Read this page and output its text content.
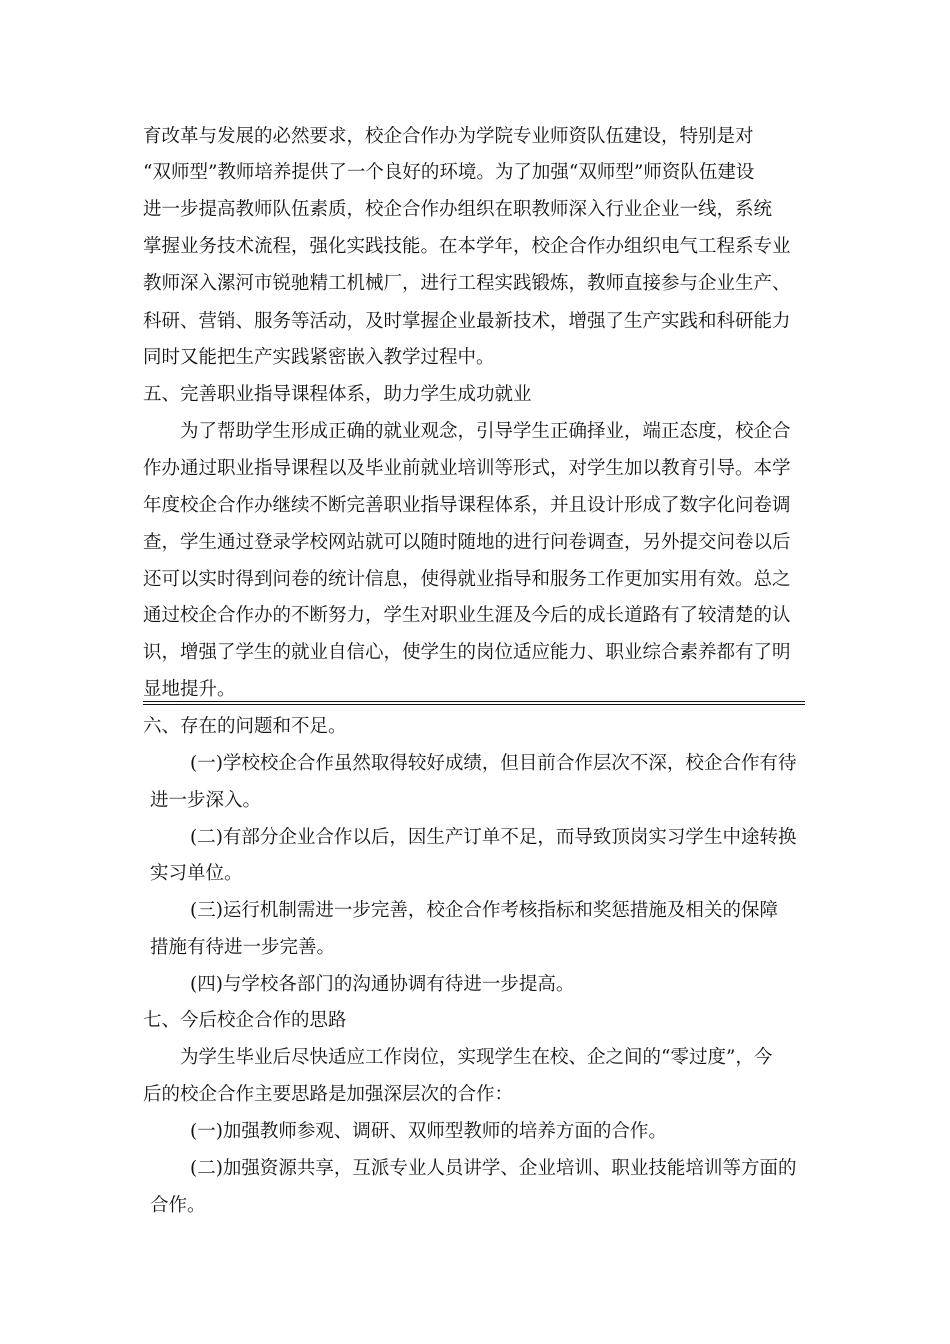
育改革与发展的必然要求，校企合作办为学院专业师资队伍建设，特别是对
“双师型”教师培养提供了一个良好的环境。为了加强“双师型”师资队伍建设
进一步提高教师队伍素质，校企合作办组织在职教师深入行业企业一线，系统
掌握业务技术流程，强化实践技能。在本学年，校企合作办组织电气工程系专业
教师深入漯河市锐驰精工机械厂，进行工程实践锻炼，教师直接参与企业生产、
科研、营销、服务等活动，及时掌握企业最新技术，增强了生产实践和科研能力
同时又能把生产实践紧密嵌入教学过程中。
五、完善职业指导课程体系，助力学生成功就业
为了帮助学生形成正确的就业观念，引导学生正确择业，端正态度，校企合
作办通过职业指导课程以及毕业前就业培训等形式，对学生加以教育引导。本学
年度校企合作办继续不断完善职业指导课程体系，并且设计形成了数字化问卷调
查，学生通过登录学校网站就可以随时随地的进行问卷调查，另外提交问卷以后
还可以实时得到问卷的统计信息，使得就业指导和服务工作更加实用有效。总之
通过校企合作办的不断努力，学生对职业生涯及今后的成长道路有了较清楚的认
识，增强了学生的就业自信心，使学生的岗位适应能力、职业综合素养都有了明
显地提升。
六、存在的问题和不足。
(一)学校校企合作虽然取得较好成绩，但目前合作层次不深，校企合作有待
进一步深入。
(二)有部分企业合作以后，因生产订单不足，而导致顶岗实习学生中途转换
实习单位。
(三)运行机制需进一步完善，校企合作考核指标和奖惩措施及相关的保障
措施有待进一步完善。
(四)与学校各部门的沟通协调有待进一步提高。
七、今后校企合作的思路
为学生毕业后尽快适应工作岗位，实现学生在校、企之间的“零过度”，今
后的校企合作主要思路是加强深层次的合作：
(一)加强教师参观、调研、双师型教师的培养方面的合作。
(二)加强资源共享，互派专业人员讲学、企业培训、职业技能培训等方面的
合作。
